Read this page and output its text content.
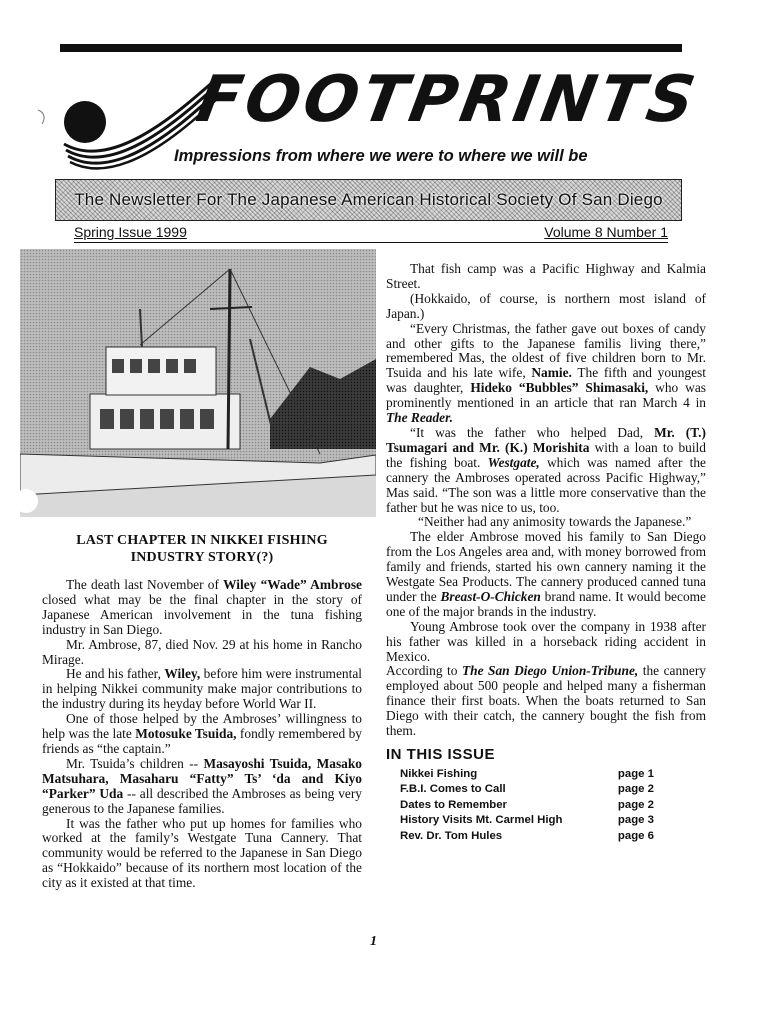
FOOTPRINTS
Impressions from where we were to where we will be
The Newsletter For The Japanese American Historical Society Of San Diego
Spring Issue 1999	Volume 8 Number 1
LAST CHAPTER IN NIKKEI FISHING INDUSTRY STORY(?)

The death last November of Wiley “Wade” Ambrose closed what may be the final chapter in the story of Japanese American involvement in the tuna fishing industry in San Diego.

Mr. Ambrose, 87, died Nov. 29 at his home in Rancho Mirage.

He and his father, Wiley, before him were instrumental in helping Nikkei community make major contributions to the industry during its heyday before World War II.

One of those helped by the Ambroses’ willingness to help was the late Motosuke Tsuida, fondly remembered by friends as “the captain.”

Mr. Tsuida’s children -- Masayoshi Tsuida, Masako Matsuhara, Masaharu “Fatty” Ts’ ‘da and Kiyo “Parker” Uda -- all described the Ambroses as being very generous to the Japanese families.

It was the father who put up homes for families who worked at the family’s Westgate Tuna Cannery. That community would be referred to the Japanese in San Diego as “Hokkaido” because of its northern most location of the city as it existed at that time.

That fish camp was a Pacific Highway and Kalmia Street.

(Hokkaido, of course, is northern most island of Japan.)

“Every Christmas, the father gave out boxes of candy and other gifts to the Japanese familis living there,” remembered Mas, the oldest of five children born to Mr. Tsuida and his late wife, Namie. The fifth and youngest was daughter, Hideko “Bubbles” Shimasaki, who was prominently mentioned in an article that ran March 4 in The Reader.

“It was the father who helped Dad, Mr. (T.) Tsumagari and Mr. (K.) Morishita with a loan to build the fishing boat. Westgate, which was named after the cannery the Ambroses operated across Pacific Highway,” Mas said. “The son was a little more conservative than the father but he was nice to us, too.

“Neither had any animosity towards the Japanese.”

The elder Ambrose moved his family to San Diego from the Los Angeles area and, with money borrowed from family and friends, started his own cannery naming it the Westgate Sea Products. The cannery produced canned tuna under the Breast-O-Chicken brand name. It would become one of the major brands in the industry.

Young Ambrose took over the company in 1938 after his father was killed in a horseback riding accident in Mexico.

According to The San Diego Union-Tribune, the cannery employed about 500 people and helped many a fisherman finance their first boats. When the boats returned to San Diego with their catch, the cannery bought the fish from them.

IN THIS ISSUE
Nikkei Fishing	page 1
F.B.I. Comes to Call	page 2
Dates to Remember	page 2
History Visits Mt. Carmel High	page 3
Rev. Dr. Tom Hules	page 6
1
